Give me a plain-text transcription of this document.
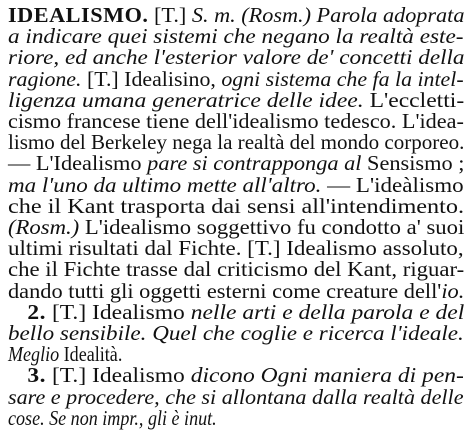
IDEALISMO. [T.] S. m. (Rosm.) Parola adoprata
a indicare quei sistemi che negano la realtà este-
riore, ed anche l'esterior valore de' concetti della
ragione. [T.] Idealisino, ogni sistema che fa la intel-
ligenza umana generatrice delle idee. L'eccletti-
cismo francese tiene dell'idealismo tedesco. L'idea-
lismo del Berkeley nega la realtà del mondo corporeo.
— L'Idealismo pare si contrapponga al Sensismo ;
ma l'uno da ultimo mette all'altro. — L'ideàlismo
che il Kant trasporta dai sensi all'intendimento.
(Rosm.) L'idealismo soggettivo fu condotto a' suoi
ultimi risultati dal Fichte. [T.] Idealismo assoluto,
che il Fichte trasse dal criticismo del Kant, riguar-
dando tutti gli oggetti esterni come creature dell'io.
2. [T.] Idealismo nelle arti e della parola e del
bello sensibile. Quel che coglie e ricerca l'ideale.
Meglio Idealità.
3. [T.] Idealismo dicono Ogni maniera di pen-
sare e procedere, che si allontana dalla realtà delle
cose. Se non impr., gli è inut.
